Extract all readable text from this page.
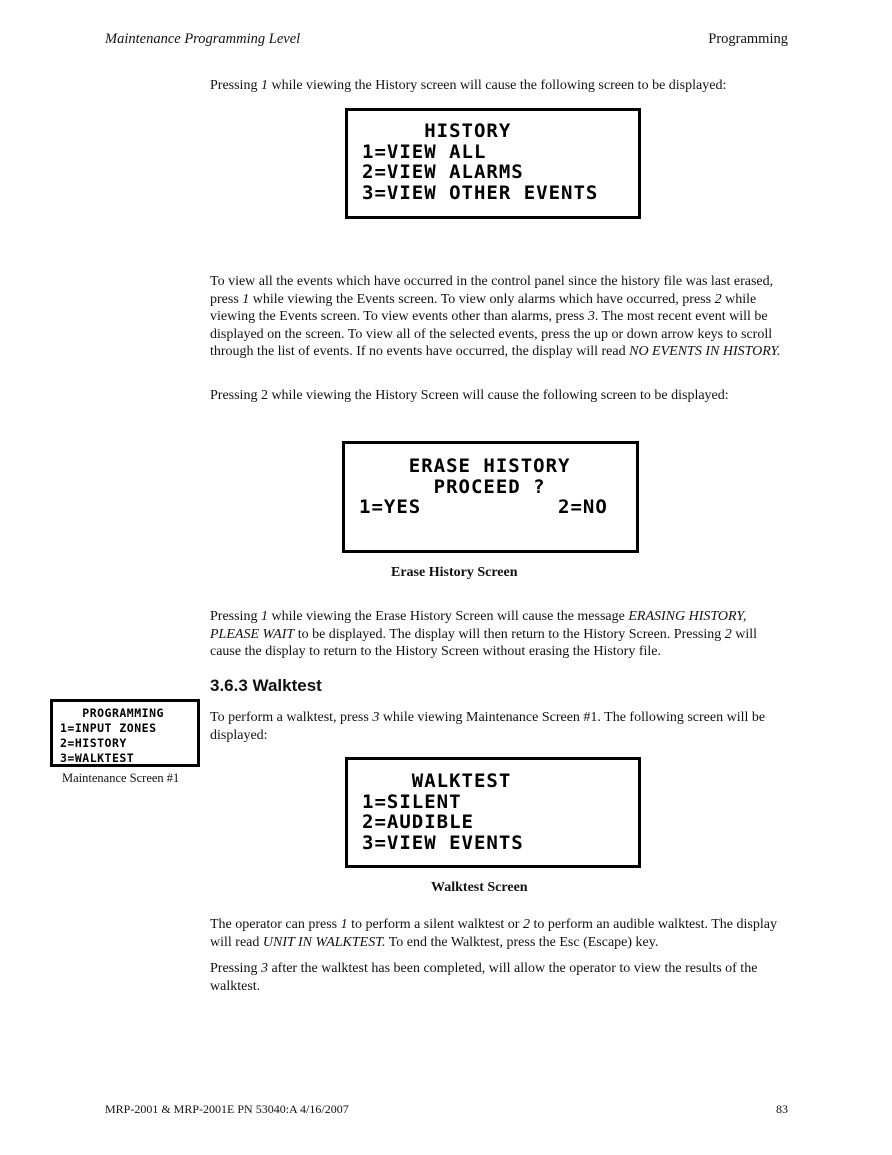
Maintenance Programming Level	Programming

Pressing 1 while viewing the History screen will cause the following screen to be displayed:

HISTORY
1=VIEW ALL
2=VIEW ALARMS
3=VIEW OTHER EVENTS

To view all the events which have occurred in the control panel since the history file was last erased, press 1 while viewing the Events screen. To view only alarms which have occurred, press 2 while viewing the Events screen. To view events other than alarms, press 3. The most recent event will be displayed on the screen. To view all of the selected events, press the up or down arrow keys to scroll through the list of events. If no events have occurred, the display will read NO EVENTS IN HISTORY.

Pressing 2 while viewing the History Screen will cause the following screen to be displayed:

ERASE HISTORY
PROCEED ?
1=YES           2=NO
Erase History Screen

Pressing 1 while viewing the Erase History Screen will cause the message ERASING HISTORY, PLEASE WAIT to be displayed. The display will then return to the History Screen. Pressing 2 will cause the display to return to the History Screen without erasing the History file.

3.6.3 Walktest
PROGRAMMING
1=INPUT ZONES
2=HISTORY
3=WALKTEST
Maintenance Screen #1

To perform a walktest, press 3 while viewing Maintenance Screen #1. The following screen will be displayed:

WALKTEST
1=SILENT
2=AUDIBLE
3=VIEW EVENTS
Walktest Screen

The operator can press 1 to perform a silent walktest or 2 to perform an audible walktest. The display will read UNIT IN WALKTEST. To end the Walktest, press the Esc (Escape) key.

Pressing 3 after the walktest has been completed, will allow the operator to view the results of the walktest.

MRP-2001 & MRP-2001E PN 53040:A 4/16/2007	83
